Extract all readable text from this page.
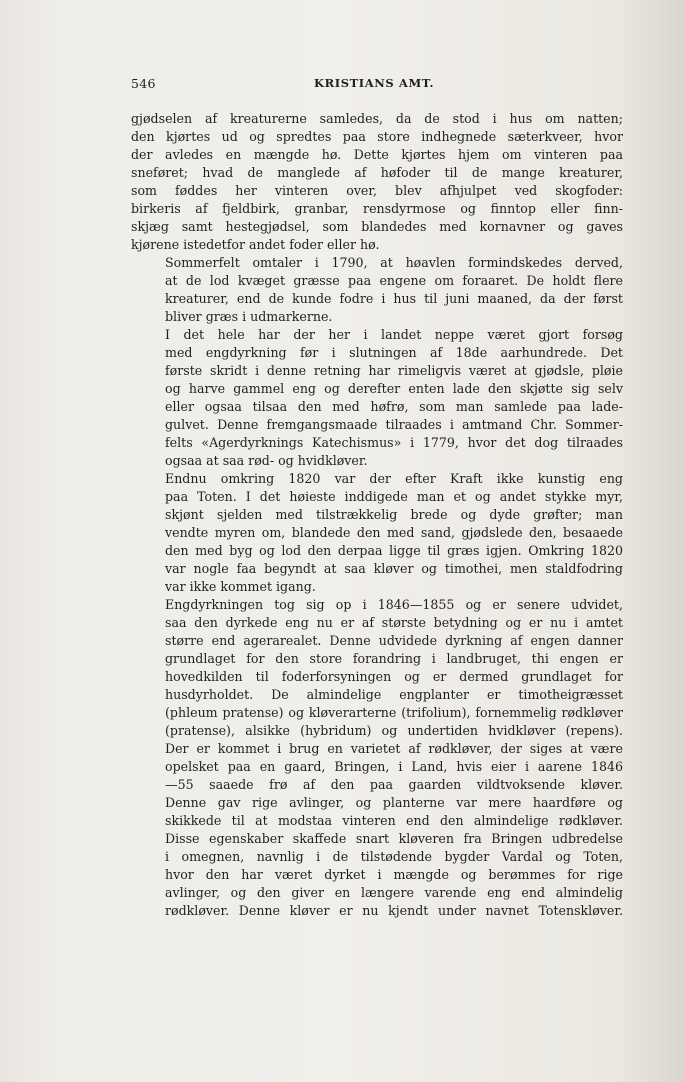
546	KRISTIANS AMT.

gjødselen af kreaturerne samledes, da de stod i hus om natten;
den kjørtes ud og spredtes paa store indhegnede sæterkveer, hvor
der avledes en mængde hø. Dette kjørtes hjem om vinteren paa
sneføret; hvad de manglede af høfoder til de mange kreaturer,
som føddes her vinteren over, blev afhjulpet ved skogfoder:
birkeris af fjeldbirk, granbar, rensdyrmose og finntop eller finn-
skjæg samt hestegjødsel, som blandedes med kornavner og gaves
kjørene istedetfor andet foder eller hø.

Sommerfelt omtaler i 1790, at høavlen formindskedes derved,
at de lod kvæget græsse paa engene om foraaret. De holdt flere
kreaturer, end de kunde fodre i hus til juni maaned, da der først
bliver græs i udmarkerne.

I det hele har der her i landet neppe været gjort forsøg
med engdyrkning før i slutningen af 18de aarhundrede. Det
første skridt i denne retning har rimeligvis været at gjødsle, pløie
og harve gammel eng og derefter enten lade den skjøtte sig selv
eller ogsaa tilsaa den med høfrø, som man samlede paa lade-
gulvet. Denne fremgangsmaade tilraades i amtmand Chr. Sommer-
felts «Agerdyrknings Katechismus» i 1779, hvor det dog tilraades
ogsaa at saa rød- og hvidkløver.

Endnu omkring 1820 var der efter Kraft ikke kunstig eng
paa Toten. I det høieste inddigede man et og andet stykke myr,
skjønt sjelden med tilstrækkelig brede og dyde grøfter; man
vendte myren om, blandede den med sand, gjødslede den, besaaede
den med byg og lod den derpaa ligge til græs igjen. Omkring 1820
var nogle faa begyndt at saa kløver og timothei, men staldfodring
var ikke kommet igang.

Engdyrkningen tog sig op i 1846—1855 og er senere udvidet,
saa den dyrkede eng nu er af største betydning og er nu i amtet
større end agerarealet. Denne udvidede dyrkning af engen danner
grundlaget for den store forandring i landbruget, thi engen er
hovedkilden til foderforsyningen og er dermed grundlaget for
husdyrholdet. De almindelige engplanter er timotheigræsset
(phleum pratense) og kløverarterne (trifolium), fornemmelig rødkløver
(pratense), alsikke (hybridum) og undertiden hvidkløver (repens).
Der er kommet i brug en varietet af rødkløver, der siges at være
opelsket paa en gaard, Bringen, i Land, hvis eier i aarene 1846
—55 saaede frø af den paa gaarden vildtvoksende kløver.
Denne gav rige avlinger, og planterne var mere haardføre og
skikkede til at modstaa vinteren end den almindelige rødkløver.
Disse egenskaber skaffede snart kløveren fra Bringen udbredelse
i omegnen, navnlig i de tilstødende bygder Vardal og Toten,
hvor den har været dyrket i mængde og berømmes for rige
avlinger, og den giver en længere varende eng end almindelig
rødkløver. Denne kløver er nu kjendt under navnet Totenskløver.
